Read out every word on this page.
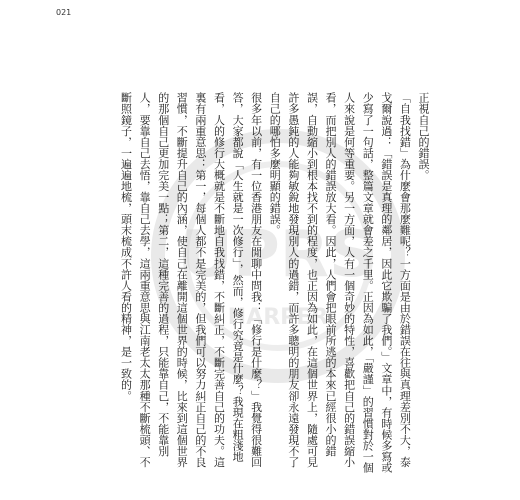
021
UPRS
HARPER

正視自己的錯誤。

「自我找錯」為什麼會那麼難呢？一方面是由於錯誤在往與真理差別不大，泰戈爾說過：「錯誤是真理的鄰居，因此它欺騙了我們。」文章中，有時候多寫或少寫了一句話，整篇文章就會差之千里。正因為如此，「嚴謹」的習慣對於一個人來說是何等重要。另一方面，人有一個奇妙的特性，喜歡把自己的錯誤縮小看，而把別人的錯誤放大看。因此，人們會把眼前所逃的本來已經很小的錯誤，自動縮小到根本找不到的程度，也正因為如此，在這個世界上，隨處可見許多愚鈍的人能夠敏銳地發現別人的過錯，而許多聰明的朋友卻永遠發現不了自己的哪怕多麼明顯的錯誤。

很多年以前，有一位香港朋友在閒聊中問我：「修行是什麼？」我覺得很難回答，大家都說「人生就是一次修行」，然而，修行究竟是什麼？我現在粗淺地看，人的修行大概就是不斷地自我找錯，不斷糾正，不斷完善自己的功夫。這裏有兩重意思：第一，每個人都不是完美的，但我們可以努力糾正自己的不良習慣，不斷提升自己的內涵，使自己在離開這個世界的時候，比來到這個世界的那個自己更加完美一點；第二，這種完善的過程，只能靠自己，不能靠別人，要靠自己去悟，靠自己去學，這兩重意思與江南老太太那種不斷梳頭、不斷照鏡子，一遍遍地梳，頭末梳成不許人看的精神，是一致的。
